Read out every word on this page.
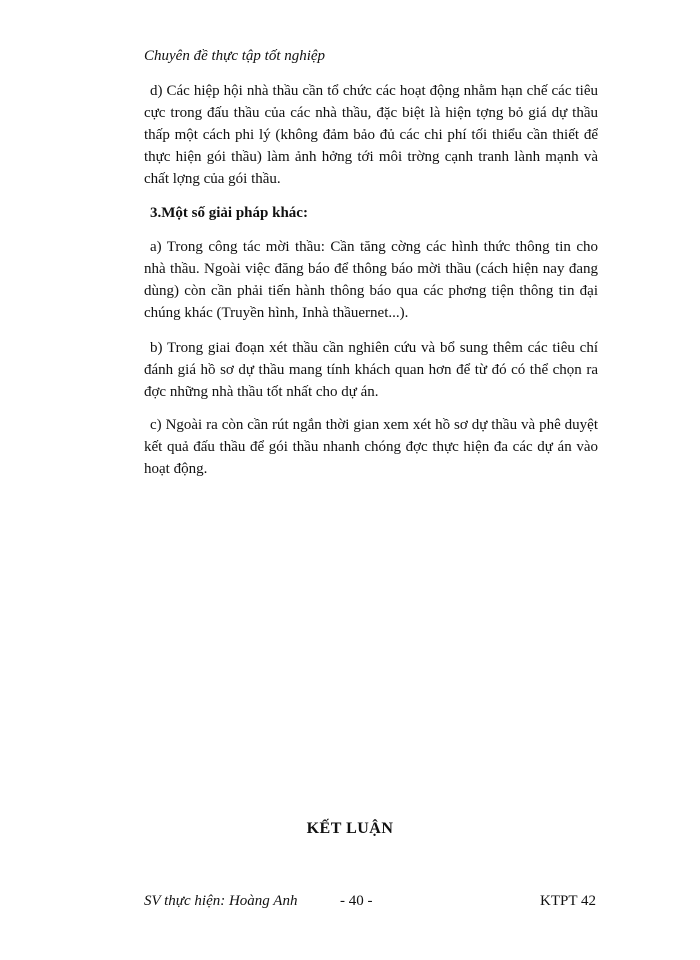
Chuyên đề thực tập tốt nghiệp
d) Các hiệp hội nhà thầu cần tổ chức các hoạt động nhằm hạn chế các tiêu cực trong đấu thầu của các nhà thầu, đặc biệt là hiện tợng bỏ giá dự thầu thấp một cách phi lý (không đảm bảo đủ các chi phí tối thiểu cần thiết để thực hiện gói thầu) làm ảnh hởng tới môi trờng cạnh tranh lành mạnh và chất lợng của gói thầu.
3.Một số giải pháp khác:
a) Trong công tác mời thầu: Cần tăng cờng các hình thức thông tin cho nhà thầu. Ngoài việc đăng báo để thông báo mời thầu (cách hiện nay đang dùng) còn cần phải tiến hành thông báo qua các phơng tiện thông tin đại chúng khác (Truyền hình, Inhà thầuernet...).
b) Trong giai đoạn xét thầu cần nghiên cứu và bổ sung thêm các tiêu chí đánh giá hồ sơ dự thầu mang tính khách quan hơn để từ đó có thể chọn ra đợc những nhà thầu tốt nhất cho dự án.
c) Ngoài ra còn cần rút ngắn thời gian xem xét hồ sơ dự thầu và phê duyệt kết quả đấu thầu để gói thầu nhanh chóng đợc thực hiện đa các dự án vào hoạt động.
KẾT LUẬN
SV thực hiện: Hoàng Anh	- 40 -	KTPT 42
